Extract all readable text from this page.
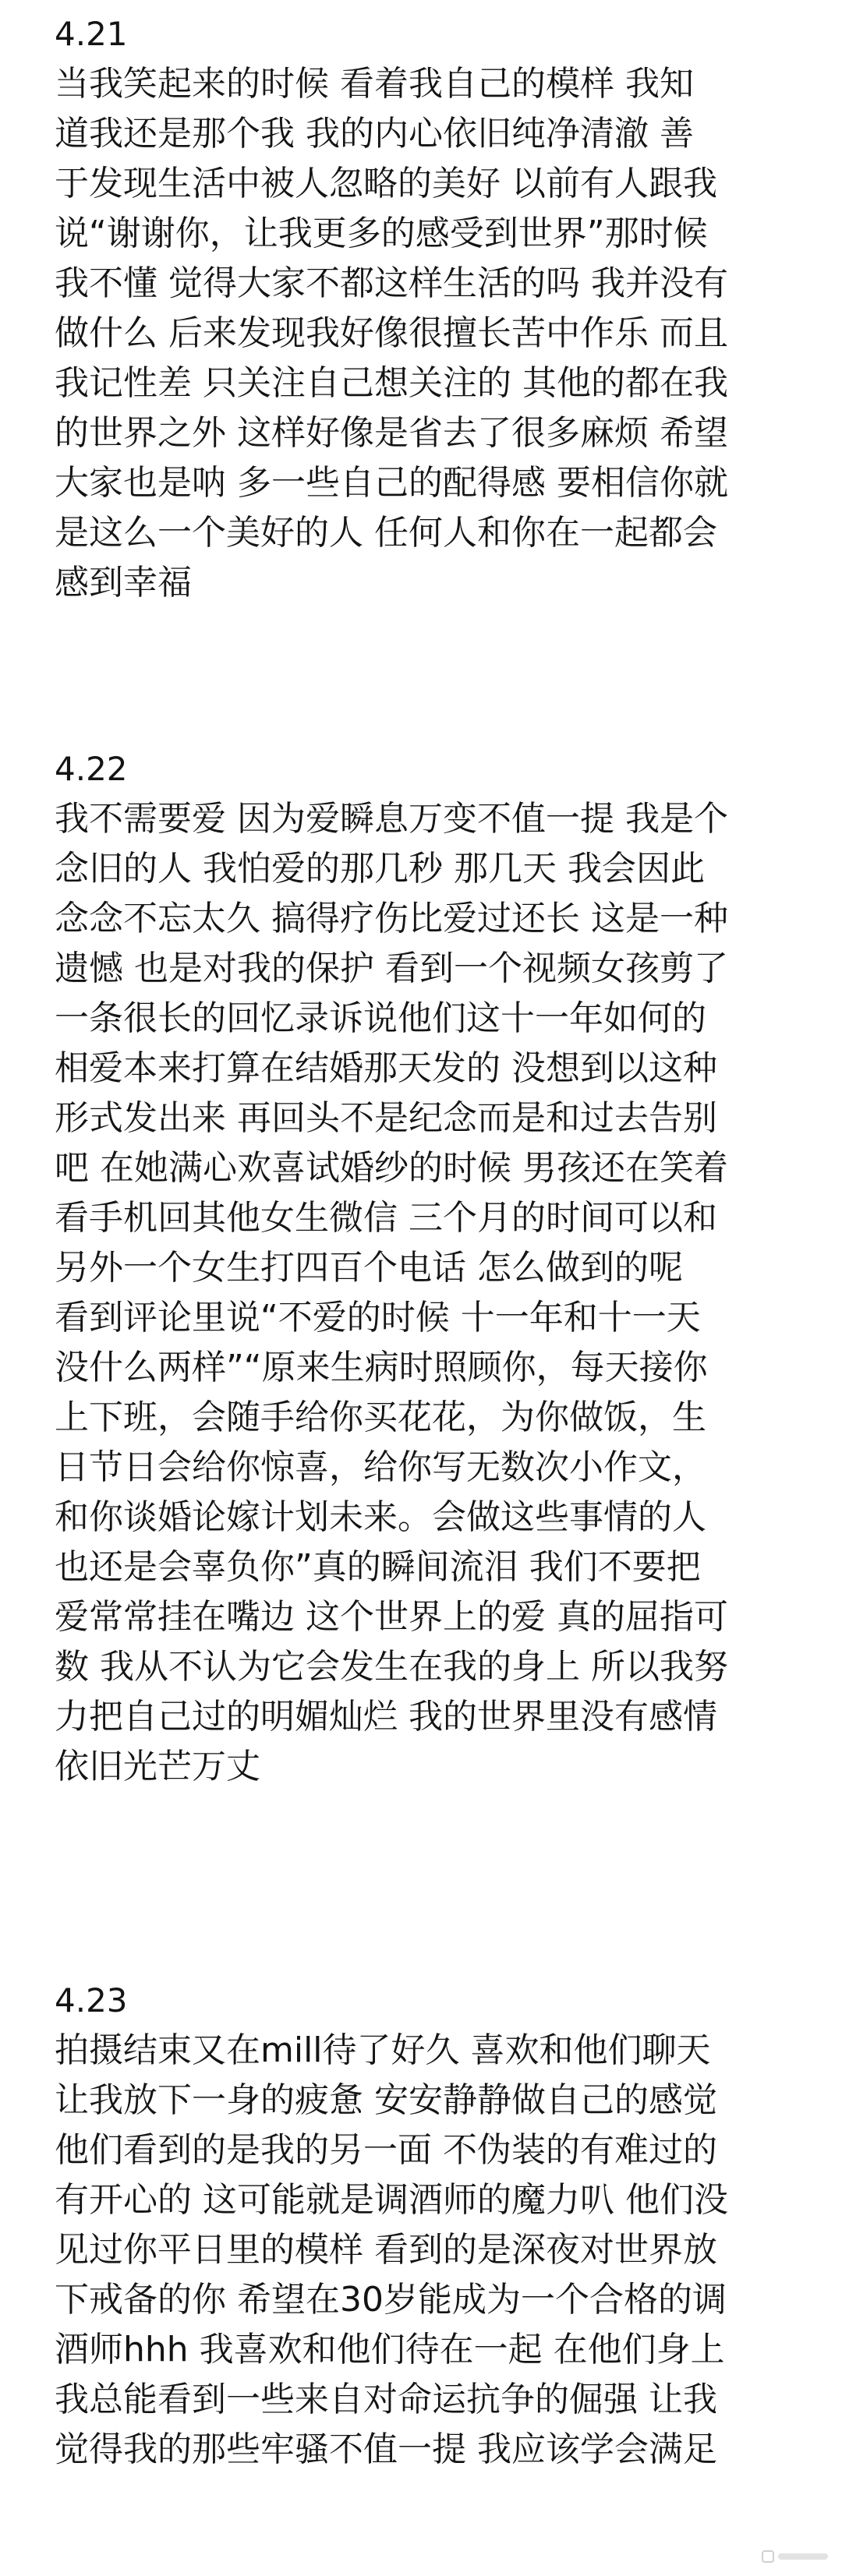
4.21
当我笑起来的时候 看着我自己的模样 我知
道我还是那个我 我的内心依旧纯净清澈 善
于发现生活中被人忽略的美好 以前有人跟我
说“谢谢你，让我更多的感受到世界”那时候
我不懂 觉得大家不都这样生活的吗 我并没有
做什么 后来发现我好像很擅长苦中作乐 而且
我记性差 只关注自己想关注的 其他的都在我
的世界之外 这样好像是省去了很多麻烦 希望
大家也是呐 多一些自己的配得感 要相信你就
是这么一个美好的人 任何人和你在一起都会
感到幸福
4.22
我不需要爱 因为爱瞬息万变不值一提 我是个
念旧的人 我怕爱的那几秒 那几天 我会因此
念念不忘太久 搞得疗伤比爱过还长 这是一种
遗憾 也是对我的保护 看到一个视频女孩剪了
一条很长的回忆录诉说他们这十一年如何的
相爱本来打算在结婚那天发的 没想到以这种
形式发出来 再回头不是纪念而是和过去告别
吧 在她满心欢喜试婚纱的时候 男孩还在笑着
看手机回其他女生微信 三个月的时间可以和
另外一个女生打四百个电话 怎么做到的呢
看到评论里说“不爱的时候 十一年和十一天
没什么两样”“原来生病时照顾你，每天接你
上下班，会随手给你买花花，为你做饭，生
日节日会给你惊喜，给你写无数次小作文，
和你谈婚论嫁计划未来。会做这些事情的人
也还是会辜负你”真的瞬间流泪 我们不要把
爱常常挂在嘴边 这个世界上的爱 真的屈指可
数 我从不认为它会发生在我的身上 所以我努
力把自己过的明媚灿烂 我的世界里没有感情
依旧光芒万丈
4.23
拍摄结束又在mill待了好久 喜欢和他们聊天
让我放下一身的疲惫 安安静静做自己的感觉
他们看到的是我的另一面 不伪装的有难过的
有开心的 这可能就是调酒师的魔力叭 他们没
见过你平日里的模样 看到的是深夜对世界放
下戒备的你 希望在30岁能成为一个合格的调
酒师hhh 我喜欢和他们待在一起 在他们身上
我总能看到一些来自对命运抗争的倔强 让我
觉得我的那些牢骚不值一提 我应该学会满足
